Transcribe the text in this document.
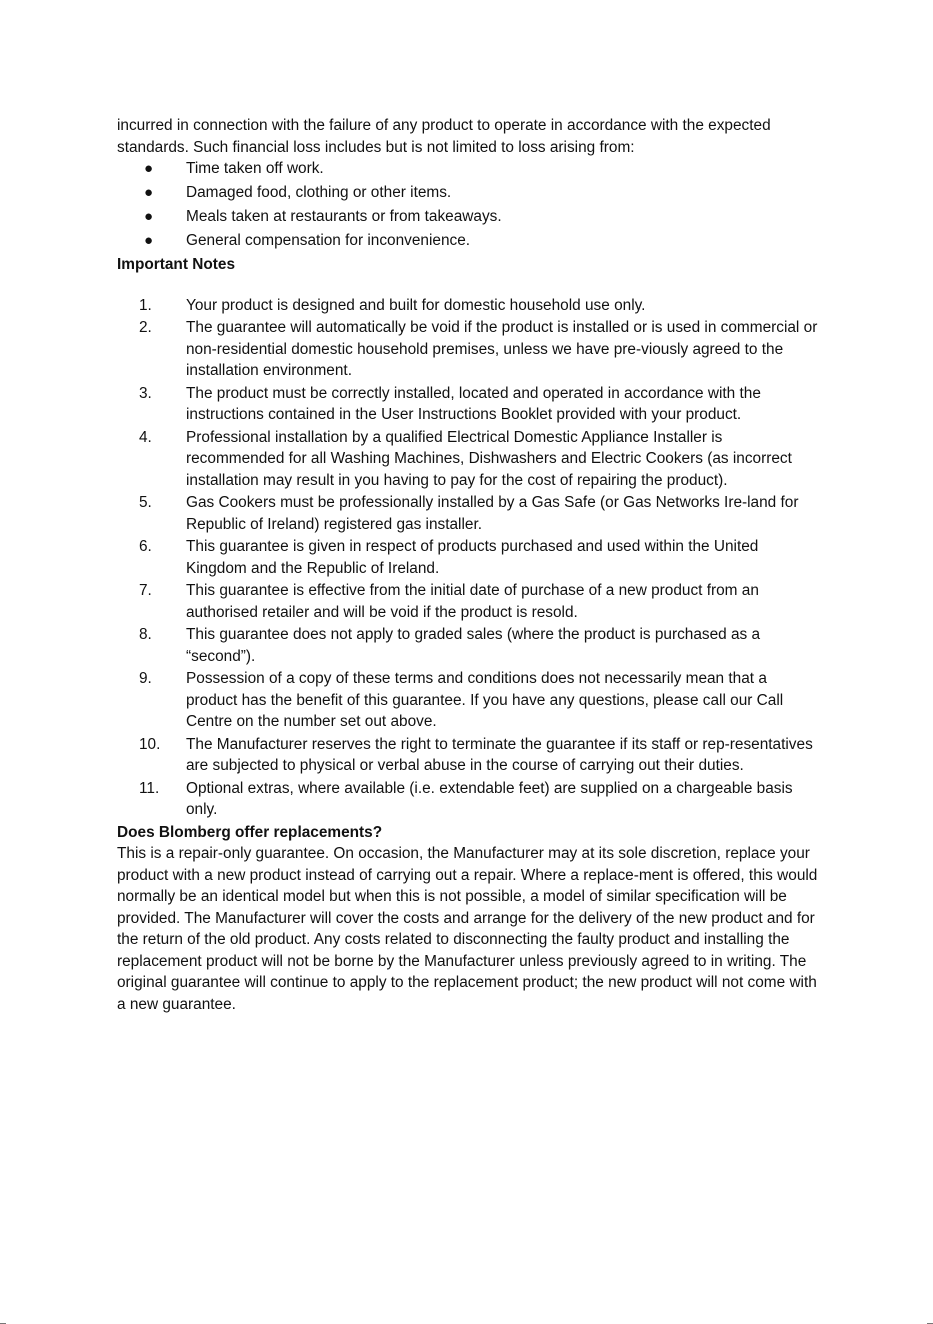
incurred in connection with the failure of any product to operate in accordance with the expected standards. Such financial loss includes but is not limited to loss arising from:

● Time taken off work.
● Damaged food, clothing or other items.
● Meals taken at restaurants or from takeaways.
● General compensation for inconvenience.
Important Notes
1.	Your product is designed and built for domestic household use only.
2.	The guarantee will automatically be void if the product is installed or is used in commercial or non-residential domestic household premises, unless we have pre-viously agreed to the installation environment.
3.	The product must be correctly installed, located and operated in accordance with the instructions contained in the User Instructions Booklet provided with your product.
4.	Professional installation by a qualified Electrical Domestic Appliance Installer is recommended for all Washing Machines, Dishwashers and Electric Cookers (as incorrect installation may result in you having to pay for the cost of repairing the product).
5.	Gas Cookers must be professionally installed by a Gas Safe (or Gas Networks Ire-land for Republic of Ireland) registered gas installer.
6.	This guarantee is given in respect of products purchased and used within the United Kingdom and the Republic of Ireland.
7.	This guarantee is effective from the initial date of purchase of a new product from an authorised retailer and will be void if the product is resold.
8.	This guarantee does not apply to graded sales (where the product is purchased as a “second”).
9.	Possession of a copy of these terms and conditions does not necessarily mean that a product has the benefit of this guarantee. If you have any questions, please call our Call Centre on the number set out above.
10.	The Manufacturer reserves the right to terminate the guarantee if its staff or rep-resentatives are subjected to physical or verbal abuse in the course of carrying out their duties.
11.	Optional extras, where available (i.e. extendable feet) are supplied on a chargeable basis only.
Does Blomberg offer replacements?

This is a repair-only guarantee. On occasion, the Manufacturer may at its sole discretion, replace your product with a new product instead of carrying out a repair. Where a replace-ment is offered, this would normally be an identical model but when this is not possible, a model of similar specification will be provided. The Manufacturer will cover the costs and arrange for the delivery of the new product and for the return of the old product. Any costs related to disconnecting the faulty product and installing the replacement product will not be borne by the Manufacturer unless previously agreed to in writing. The original guarantee will continue to apply to the replacement product; the new product will not come with a new guarantee.
